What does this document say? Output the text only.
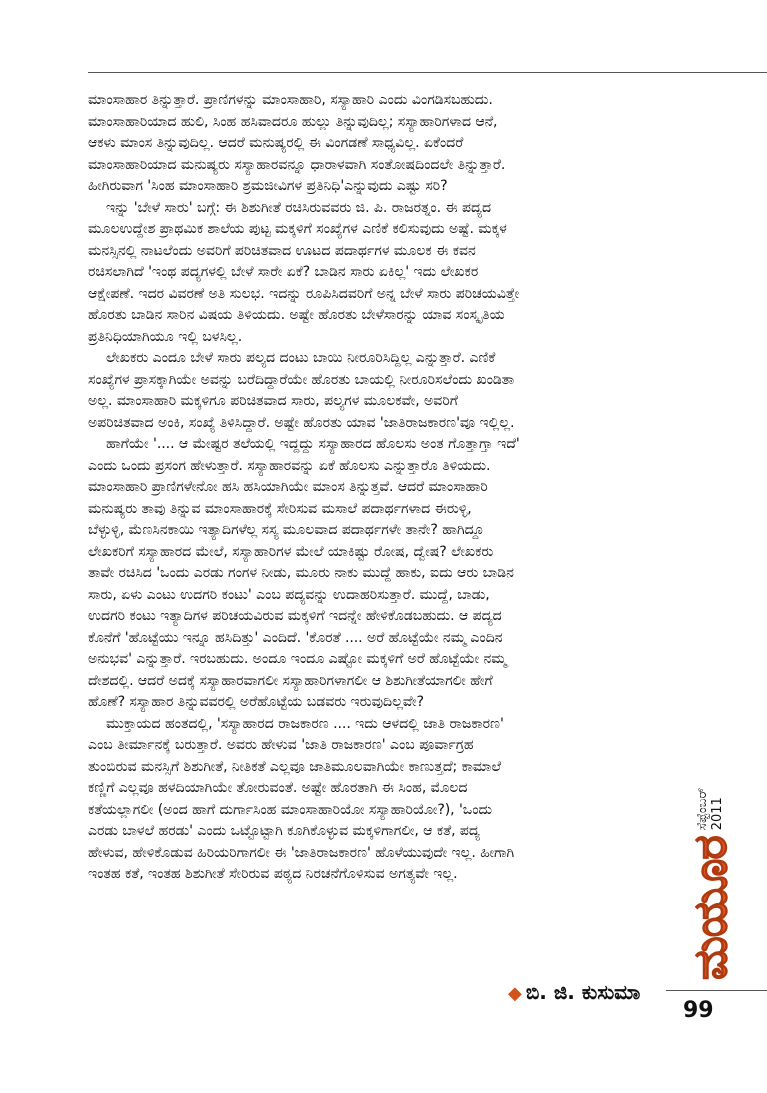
ಮಾಂಸಾಹಾರ ತಿನ್ನುತ್ತಾರೆ. ಪ್ರಾಣಿಗಳನ್ನು ಮಾಂಸಾಹಾರಿ, ಸಸ್ಯಾಹಾರಿ ಎಂದು ವಿಂಗಡಿಸಬಹುದು.
ಮಾಂಸಾಹಾರಿಯಾದ ಹುಲಿ, ಸಿಂಹ ಹಸಿವಾದರೂ ಹುಲ್ಲು ತಿನ್ನುವುದಿಲ್ಲ; ಸಸ್ಯಾಹಾರಿಗಳಾದ ಆನೆ,
ಆಕಳು ಮಾಂಸ ತಿನ್ನುವುದಿಲ್ಲ. ಆದರೆ ಮನುಷ್ಯರಲ್ಲಿ ಈ ವಿಂಗಡಣೆ ಸಾಧ್ಯವಿಲ್ಲ. ಏಕೆಂದರೆ
ಮಾಂಸಾಹಾರಿಯಾದ ಮನುಷ್ಯರು ಸಸ್ಯಾಹಾರವನ್ನೂ ಧಾರಾಳವಾಗಿ ಸಂತೋಷದಿಂದಲೇ ತಿನ್ನುತ್ತಾರೆ.
ಹೀಗಿರುವಾಗ 'ಸಿಂಹ ಮಾಂಸಾಹಾರಿ ಶ್ರಮಜೀವಿಗಳ ಪ್ರತಿನಿಧಿ'ಎನ್ನುವುದು ಎಷ್ಟು ಸರಿ?
ಇನ್ನು 'ಬೇಳೆ ಸಾರು' ಬಗ್ಗೆ: ಈ ಶಿಶುಗೀತೆ ರಚಿಸಿರುವವರು ಜಿ. ಪಿ. ರಾಜರತ್ನಂ. ಈ ಪದ್ಯದ
ಮೂಲಉದ್ದೇಶ ಪ್ರಾಥಮಿಕ ಶಾಲೆಯ ಪುಟ್ಟ ಮಕ್ಕಳಿಗೆ ಸಂಖ್ಯೆಗಳ ಎಣಿಕೆ ಕಲಿಸುವುದು ಅಷ್ಟೆ. ಮಕ್ಕಳ
ಮನಸ್ಸಿನಲ್ಲಿ ನಾಟಲೆಂದು ಅವರಿಗೆ ಪರಿಚಿತವಾದ ಊಟದ ಪದಾರ್ಥಗಳ ಮೂಲಕ ಈ ಕವನ
ರಚಿಸಲಾಗಿದೆ 'ಇಂಥ ಪದ್ಯಗಳಲ್ಲಿ ಬೇಳೆ ಸಾರೇ ಏಕೆ? ಬಾಡಿನ ಸಾರು ಏಕಿಲ್ಲ' ಇದು ಲೇಖಕರ
ಆಕ್ಷೇಪಣೆ. ಇದರ ವಿವರಣೆ ಅತಿ ಸುಲಭ. ಇದನ್ನು ರೂಪಿಸಿದವರಿಗೆ ಅನ್ನ ಬೇಳೆ ಸಾರು ಪರಿಚಯವಿತ್ತೇ
ಹೊರತು ಬಾಡಿನ ಸಾರಿನ ವಿಷಯ ತಿಳಿಯದು. ಅಷ್ಟೇ ಹೊರತು ಬೇಳೆಸಾರನ್ನು ಯಾವ ಸಂಸ್ಕೃತಿಯ
ಪ್ರತಿನಿಧಿಯಾಗಿಯೂ ಇಲ್ಲಿ ಬಳಸಿಲ್ಲ.
ಲೇಖಕರು ಎಂದೂ ಬೇಳೆ ಸಾರು ಪಲ್ಯದ ದಂಟು ಬಾಯಿ ನೀರೂರಿಸಿದ್ದಿಲ್ಲ ಎನ್ನುತ್ತಾರೆ. ಎಣಿಕೆ
ಸಂಖ್ಯೆಗಳ ಪ್ರಾಸಕ್ಕಾಗಿಯೇ ಅವನ್ನು ಬರೆದಿದ್ದಾರೆಯೇ ಹೊರತು ಬಾಯಲ್ಲಿ ನೀರೂರಿಸಲೆಂದು ಖಂಡಿತಾ
ಅಲ್ಲ. ಮಾಂಸಾಹಾರಿ ಮಕ್ಕಳಿಗೂ ಪರಿಚಿತವಾದ ಸಾರು, ಪಲ್ಯಗಳ ಮೂಲಕವೇ, ಅವರಿಗೆ
ಅಪರಿಚಿತವಾದ ಅಂಕಿ, ಸಂಖ್ಯೆ ತಿಳಿಸಿದ್ದಾರೆ. ಅಷ್ಟೇ ಹೊರತು ಯಾವ 'ಜಾತಿರಾಜಕಾರಣ'ವೂ ಇಲ್ಲಿಲ್ಲ.
ಹಾಗೆಯೇ '.... ಆ ಮೇಷ್ಟರ ತಲೆಯಲ್ಲಿ ಇದ್ದದ್ದು ಸಸ್ಯಾಹಾರದ ಹೊಲಸು ಅಂತ ಗೊತ್ತಾಗ್ತಾ ಇದೆ'
ಎಂದು ಒಂದು ಪ್ರಸಂಗ ಹೇಳುತ್ತಾರೆ. ಸಸ್ಯಾಹಾರವನ್ನು ಏಕೆ ಹೊಲಸು ಎನ್ನುತ್ತಾರೊ ತಿಳಿಯದು.
ಮಾಂಸಾಹಾರಿ ಪ್ರಾಣಿಗಳೇನೋ ಹಸಿ ಹಸಿಯಾಗಿಯೇ ಮಾಂಸ ತಿನ್ನುತ್ತವೆ. ಆದರೆ ಮಾಂಸಾಹಾರಿ
ಮನುಷ್ಯರು ತಾವು ತಿನ್ನುವ ಮಾಂಸಾಹಾರಕ್ಕೆ ಸೇರಿಸುವ ಮಸಾಲೆ ಪದಾರ್ಥಗಳಾದ ಈರುಳ್ಳಿ,
ಬೆಳ್ಳುಳ್ಳಿ, ಮೆಣಸಿನಕಾಯಿ ಇತ್ಯಾದಿಗಳೆಲ್ಲ ಸಸ್ಯ ಮೂಲವಾದ ಪದಾರ್ಥಗಳೇ ತಾನೇ? ಹಾಗಿದ್ದೂ
ಲೇಖಕರಿಗೆ ಸಸ್ಯಾಹಾರದ ಮೇಲೆ, ಸಸ್ಯಾಹಾರಿಗಳ ಮೇಲೆ ಯಾಕಿಷ್ಟು ರೋಷ, ದ್ವೇಷ? ಲೇಖಕರು
ತಾವೇ ರಚಿಸಿದ 'ಒಂದು ಎರಡು ಗಂಗಳ ನೀಡು, ಮೂರು ನಾಕು ಮುದ್ದೆ ಹಾಕು, ಐದು ಆರು ಬಾಡಿನ
ಸಾರು, ಏಳು ಎಂಟು ಉದಗರಿ ಕಂಟು' ಎಂಬ ಪದ್ಯವನ್ನು ಉದಾಹರಿಸುತ್ತಾರೆ. ಮುದ್ದೆ, ಬಾಡು,
ಉದಗರಿ ಕಂಟು ಇತ್ಯಾದಿಗಳ ಪರಿಚಯವಿರುವ ಮಕ್ಕಳಿಗೆ ಇದನ್ನೇ ಹೇಳಿಕೊಡಬಹುದು. ಆ ಪದ್ಯದ
ಕೊನೆಗೆ 'ಹೊಟ್ಟೆಯು ಇನ್ನೂ ಹಸಿದಿತ್ತು' ಎಂದಿದೆ. 'ಕೊರತೆ .... ಅರೆ ಹೊಟ್ಟೆಯೇ ನಮ್ಮ ಎಂದಿನ
ಅನುಭವ' ಎನ್ನುತ್ತಾರೆ. ಇರಬಹುದು. ಅಂದೂ ಇಂದೂ ಎಷ್ಟೋ ಮಕ್ಕಳಿಗೆ ಅರೆ ಹೊಟ್ಟೆಯೇ ನಮ್ಮ
ದೇಶದಲ್ಲಿ. ಆದರೆ ಅದಕ್ಕೆ ಸಸ್ಯಾಹಾರವಾಗಲೀ ಸಸ್ಯಾಹಾರಿಗಳಾಗಲೀ ಆ ಶಿಶುಗೀತೆಯಾಗಲೀ ಹೇಗೆ
ಹೊಣೆ? ಸಸ್ಯಾಹಾರ ತಿನ್ನುವವರಲ್ಲಿ ಅರೆಹೊಟ್ಟೆಯ ಬಡವರು ಇರುವುದಿಲ್ಲವೇ?
ಮುಕ್ತಾಯದ ಹಂತದಲ್ಲಿ, 'ಸಸ್ಯಾಹಾರದ ರಾಜಕಾರಣ .... ಇದು ಆಳದಲ್ಲಿ ಜಾತಿ ರಾಜಕಾರಣ'
ಎಂಬ ತೀರ್ಮಾನಕ್ಕೆ ಬರುತ್ತಾರೆ. ಅವರು ಹೇಳುವ 'ಜಾತಿ ರಾಜಕಾರಣ' ಎಂಬ ಪೂರ್ವಾಗ್ರಹ
ತುಂಬಿರುವ ಮನಸ್ಸಿಗೆ ಶಿಶುಗೀತೆ, ನೀತಿಕತೆ ಎಲ್ಲವೂ ಜಾತಿಮೂಲವಾಗಿಯೇ ಕಾಣುತ್ತದೆ; ಕಾಮಾಲೆ
ಕಣ್ಣಿಗೆ ಎಲ್ಲವೂ ಹಳದಿಯಾಗಿಯೇ ತೋರುವಂತೆ. ಅಷ್ಟೇ ಹೊರತಾಗಿ ಈ ಸಿಂಹ, ಮೊಲದ
ಕತೆಯಲ್ಲಾಗಲೀ (ಅಂದ ಹಾಗೆ ದುರ್ಗಾಸಿಂಹ ಮಾಂಸಾಹಾರಿಯೋ ಸಸ್ಯಾಹಾರಿಯೋ?), 'ಒಂದು
ಎರಡು ಬಾಳಲೆ ಹರಡು' ಎಂದು ಒಟ್ಟೊಟ್ಟಾಗಿ ಕೂಗಿಕೊಳ್ಳುವ ಮಕ್ಕಳಿಗಾಗಲೀ, ಆ ಕತೆ, ಪದ್ಯ
ಹೇಳುವ, ಹೇಳಿಕೊಡುವ ಹಿರಿಯರಿಗಾಗಲೀ ಈ 'ಜಾತಿರಾಜಕಾರಣ' ಹೊಳೆಯುವುದೇ ಇಲ್ಲ. ಹೀಗಾಗಿ
ಇಂತಹ ಕತೆ, ಇಂತಹ ಶಿಶುಗೀತೆ ಸೇರಿರುವ ಪಠ್ಯದ ನಿರಚನೆಗೊಳಿಸುವ ಅಗತ್ಯವೇ ಇಲ್ಲ.
◆ ಬಿ. ಜಿ. ಕುಸುಮಾ
ಮಯೂರ
ಸೆಪ್ಟೆಂಬರ್ 2011
99
